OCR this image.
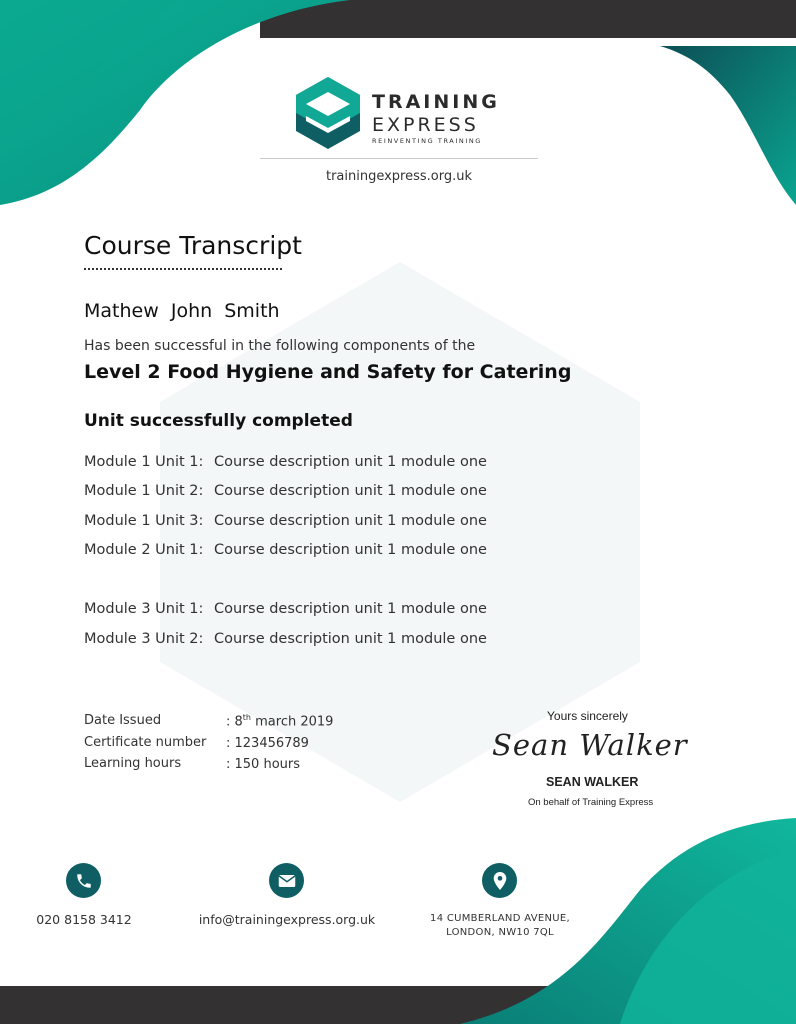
TRAINING
EXPRESS
REINVENTING TRAINING
trainingexpress.org.uk
Course Transcript
Mathew  John  Smith
Has been successful in the following components of the
Level 2 Food Hygiene and Safety for Catering
Unit successfully completed
Module 1 Unit 1: Course description unit 1 module one
Module 1 Unit 2: Course description unit 1 module one
Module 1 Unit 3: Course description unit 1 module one
Module 2 Unit 1: Course description unit 1 module one
Module 3 Unit 1: Course description unit 1 module one
Module 3 Unit 2: Course description unit 1 module one
Date Issued	: 8th march 2019
Certificate number : 123456789
Learning hours	: 150 hours
Yours sincerely
Sean Walker
SEAN WALKER
On behalf of Training Express
020 8158 3412	info@trainingexpress.org.uk	14 CUMBERLAND AVENUE,
LONDON, NW10 7QL
